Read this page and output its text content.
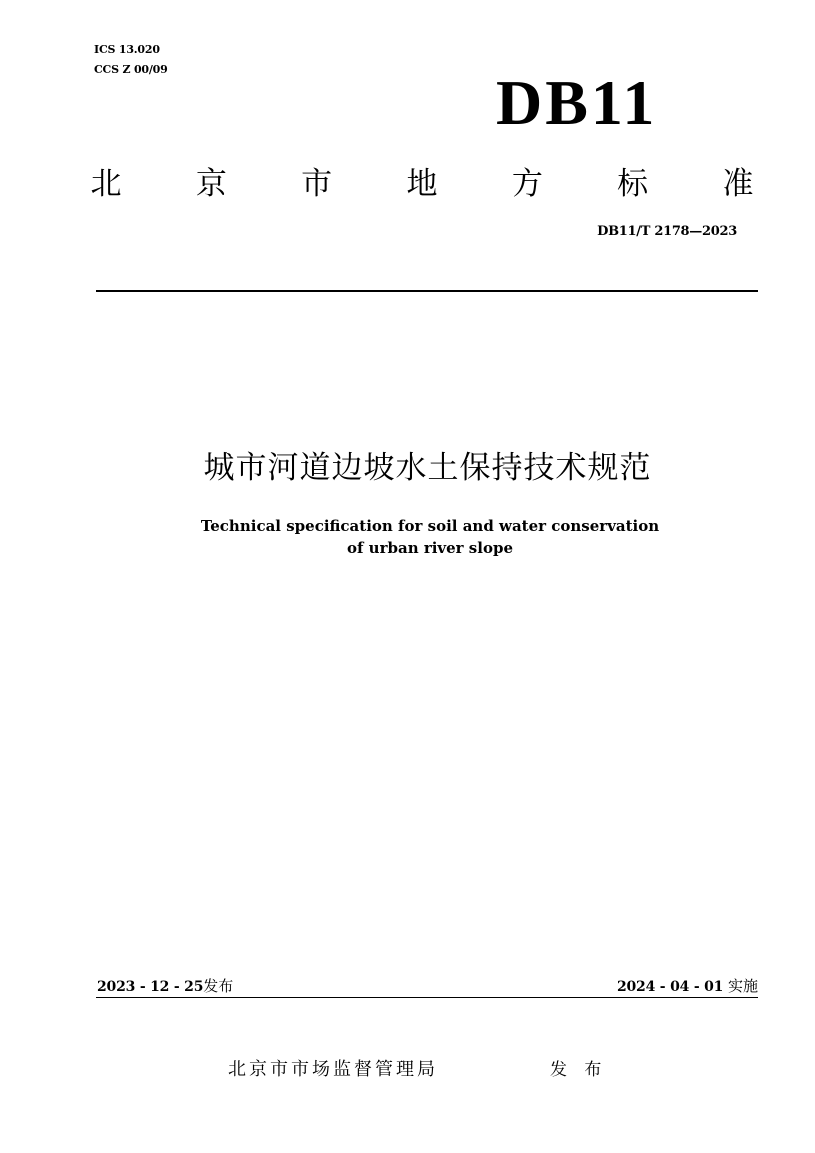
ICS 13.020
CCS Z 00/09	DB11
北 京 市 地 方 标 准
DB11/T 2178—2023
城市河道边坡水土保持技术规范
Technical specification for soil and water conservation
of urban river slope
2023 - 12 - 25发布	2024 - 04 - 01 实施
北京市市场监督管理局	发 布
